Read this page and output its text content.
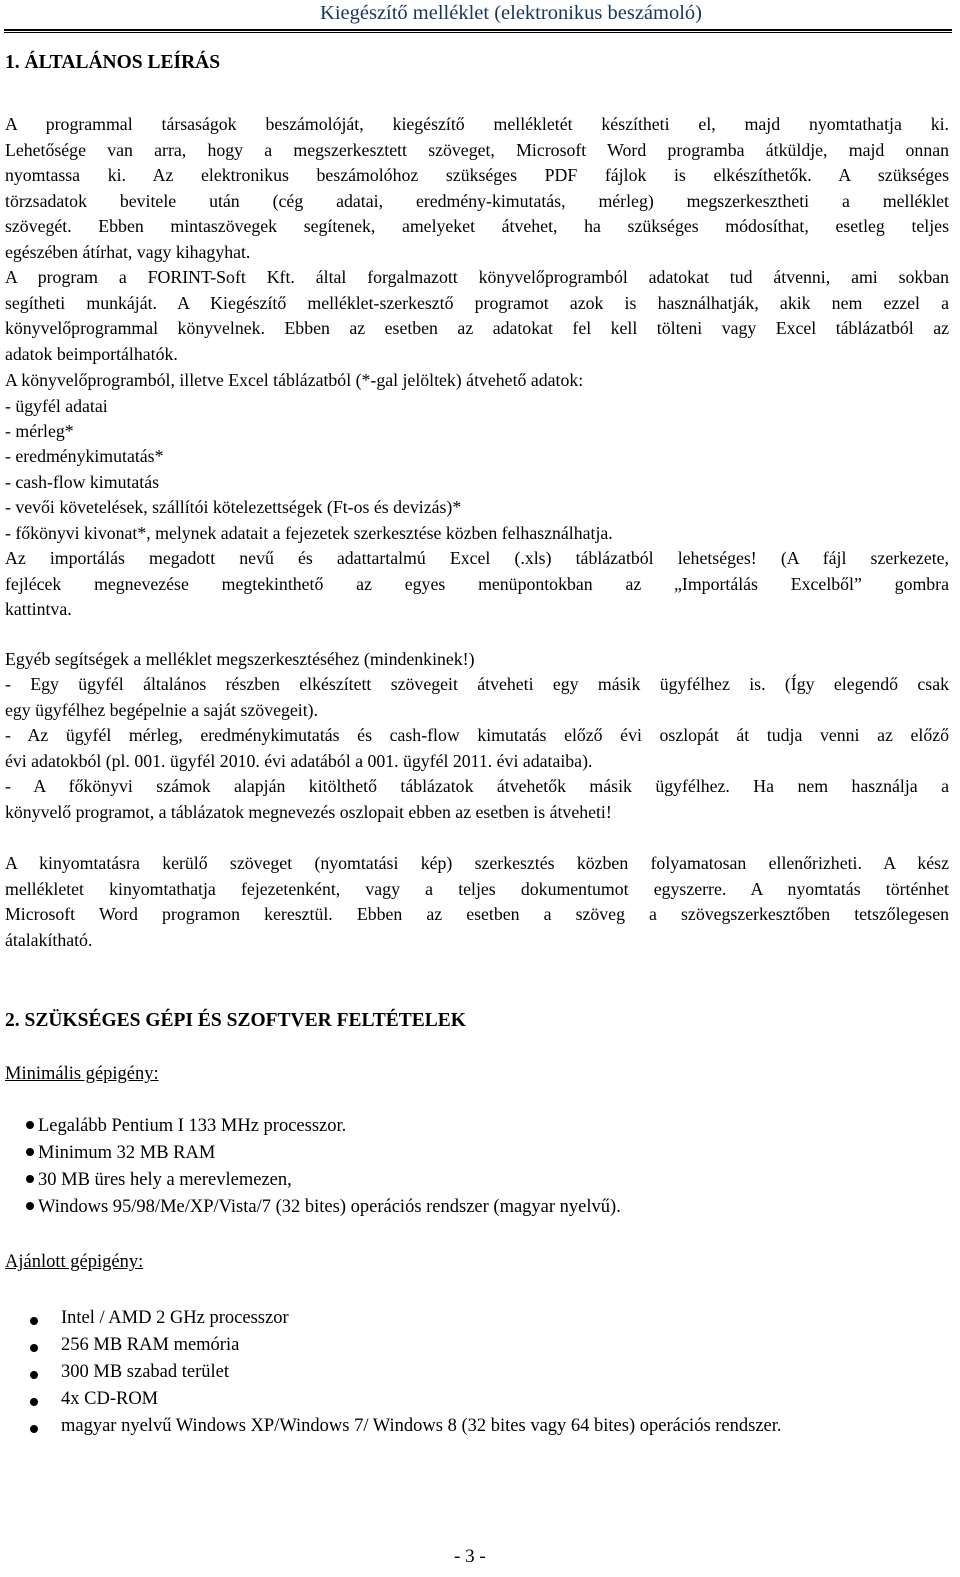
Kiegészítő melléklet (elektronikus beszámoló)
1. ÁLTALÁNOS LEÍRÁS
A programmal társaságok beszámolóját, kiegészítő mellékletét készítheti el, majd nyomtathatja ki.
Lehetősége van arra, hogy a megszerkesztett szöveget, Microsoft Word programba átküldje, majd onnan
nyomtassa ki. Az elektronikus beszámolóhoz szükséges PDF fájlok is elkészíthetők. A szükséges
törzsadatok bevitele után (cég adatai, eredmény-kimutatás, mérleg) megszerkesztheti a melléklet
szövegét. Ebben mintaszövegek segítenek, amelyeket átvehet, ha szükséges módosíthat, esetleg teljes
egészében átírhat, vagy kihagyhat.
A program a FORINT-Soft Kft. által forgalmazott könyvelőprogramból adatokat tud átvenni, ami sokban
segítheti munkáját. A Kiegészítő melléklet-szerkesztő programot azok is használhatják, akik nem ezzel a
könyvelőprogrammal könyvelnek. Ebben az esetben az adatokat fel kell tölteni vagy Excel táblázatból az
adatok beimportálhatók.
A könyvelőprogramból, illetve Excel táblázatból (*-gal jelöltek) átvehető adatok:
- ügyfél adatai
- mérleg*
- eredménykimutatás*
- cash-flow kimutatás
- vevői követelések, szállítói kötelezettségek (Ft-os és devizás)*
- főkönyvi kivonat*, melynek adatait a fejezetek szerkesztése közben felhasználhatja.
Az importálás megadott nevű és adattartalmú Excel (.xls) táblázatból lehetséges! (A fájl szerkezete,
fejlécek megnevezése megtekinthető az egyes menüpontokban az „Importálás Excelből” gombra
kattintva.
Egyéb segítségek a melléklet megszerkesztéséhez (mindenkinek!)
- Egy ügyfél általános részben elkészített szövegeit átveheti egy másik ügyfélhez is. (Így elegendő csak
egy ügyfélhez begépelnie a saját szövegeit).
- Az ügyfél mérleg, eredménykimutatás és cash-flow kimutatás előző évi oszlopát át tudja venni az előző
évi adatokból (pl. 001. ügyfél 2010. évi adatából a 001. ügyfél 2011. évi adataiba).
- A főkönyvi számok alapján kitölthető táblázatok átvehetők másik ügyfélhez. Ha nem használja a
könyvelő programot, a táblázatok megnevezés oszlopait ebben az esetben is átveheti!
A kinyomtatásra kerülő szöveget (nyomtatási kép) szerkesztés közben folyamatosan ellenőrizheti. A kész
mellékletet kinyomtathatja fejezetenként, vagy a teljes dokumentumot egyszerre. A nyomtatás történhet
Microsoft Word programon keresztül. Ebben az esetben a szöveg a szövegszerkesztőben tetszőlegesen
átalakítható.
2. SZÜKSÉGES GÉPI ÉS SZOFTVER FELTÉTELEK
Minimális gépigény:
Legalább Pentium I 133 MHz processzor.
Minimum 32 MB RAM
30 MB üres hely a merevlemezen,
Windows 95/98/Me/XP/Vista/7 (32 bites) operációs rendszer (magyar nyelvű).
Ajánlott gépigény:
Intel / AMD 2 GHz processzor
256 MB RAM memória
300 MB szabad terület
4x CD-ROM
magyar nyelvű Windows XP/Windows 7/ Windows 8 (32 bites vagy 64 bites) operációs rendszer.
- 3 -
